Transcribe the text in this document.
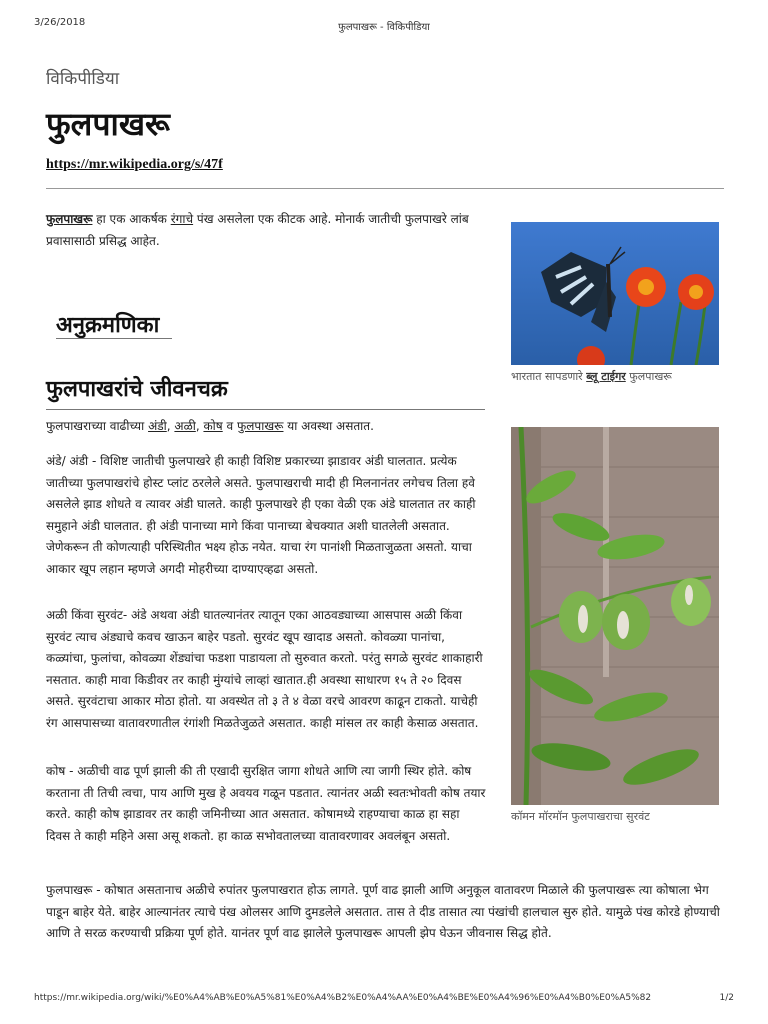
3/26/2018	फुलपाखरू - विकिपीडिया
विकिपीडिया
फुलपाखरू
https://mr.wikipedia.org/s/47f
फुलपाखरू हा एक आकर्षक रंगाचे पंख असलेला एक कीटक आहे. मोनार्क जातीची फुलपाखरे लांब प्रवासासाठी प्रसिद्ध आहेत.
अनुक्रमणिका
फुलपाखरांचे जीवनचक्र
फुलपाखराच्या वाढीच्या अंडी, अळी, कोष व फुलपाखरू या अवस्था असतात.
अंडे/ अंडी - विशिष्ट जातीची फुलपाखरे ही काही विशिष्ट प्रकारच्या झाडावर अंडी घालतात. प्रत्येक जातीच्या फुलपाखरांचे होस्ट प्लांट ठरलेले असते. फुलपाखराची मादी ही मिलनानंतर लगेचच तिला हवे असलेले झाड शोधते व त्यावर अंडी घालते. काही फुलपाखरे ही एका वेळी एक अंडे घालतात तर काही समुहाने अंडी घालतात. ही अंडी पानाच्या मागे किंवा पानाच्या बेचक्यात अशी घातलेली असतात. जेणेकरून ती कोणत्याही परिस्थितीत भक्ष्य होऊ नयेत. याचा रंग पानांशी मिळताजुळता असतो. याचा आकार खूप लहान म्हणजे अगदी मोहरीच्या दाण्याएव्हढा असतो.
अळी किंवा सुरवंट- अंडे अथवा अंडी घातल्यानंतर त्यातून एका आठवड्याच्या आसपास अळी किंवा सुरवंट त्याच अंड्याचे कवच खाऊन बाहेर पडतो. सुरवंट खूप खादाड असतो. कोवळ्या पानांचा, कळ्यांचा, फुलांचा, कोवळ्या शेंड्यांचा फडशा पाडायला तो सुरुवात करतो. परंतु सगळे सुरवंट शाकाहारी नसतात. काही मावा किडीवर तर काही मुंग्यांचे लाव्हां खातात.ही अवस्था साधारण १५ ते २० दिवस असते. सुरवंटाचा आकार मोठा होतो. या अवस्थेत तो ३ ते ४ वेळा वरचे आवरण काढून टाकतो. याचेही रंग आसपासच्या वातावरणातील रंगांशी मिळतेजुळते असतात. काही मांसल तर काही केसाळ असतात.
कोष - अळीची वाढ पूर्ण झाली की ती एखादी सुरक्षित जागा शोधते आणि त्या जागी स्थिर होते. कोष करताना ती तिची त्वचा, पाय आणि मुख हे अवयव गळून पडतात. त्यानंतर अळी स्वतःभोवती कोष तयार करते. काही कोष झाडावर तर काही जमिनीच्या आत असतात. कोषामध्ये राहण्याचा काळ हा सहा दिवस ते काही महिने असा असू शकतो. हा काळ सभोवतालच्या वातावरणावर अवलंबून असतो.
फुलपाखरू - कोषात असतानाच अळीचे रुपांतर फुलपाखरात होऊ लागते. पूर्ण वाढ झाली आणि अनुकूल वातावरण मिळाले की फुलपाखरू त्या कोषाला भेग पाडून बाहेर येते. बाहेर आल्यानंतर त्याचे पंख ओलसर आणि दुमडलेले असतात. तास ते दीड तासात त्या पंखांची हालचाल सुरु होते. यामुळे पंख कोरडे होण्याची आणि ते सरळ करण्याची प्रक्रिया पूर्ण होते. यानंतर पूर्ण वाढ झालेले फुलपाखरू आपली झेप घेऊन जीवनास सिद्ध होते.
भारतात सापडणारे ब्लू टाईगर फुलपाखरू
कॉमन मॉरमॉन फुलपाखराचा सुरवंट
https://mr.wikipedia.org/wiki/%E0%A4%AB%E0%A5%81%E0%A4%B2%E0%A4%AA%E0%A4%BE%E0%A4%96%E0%A4%B0%E0%A5%82	1/2
